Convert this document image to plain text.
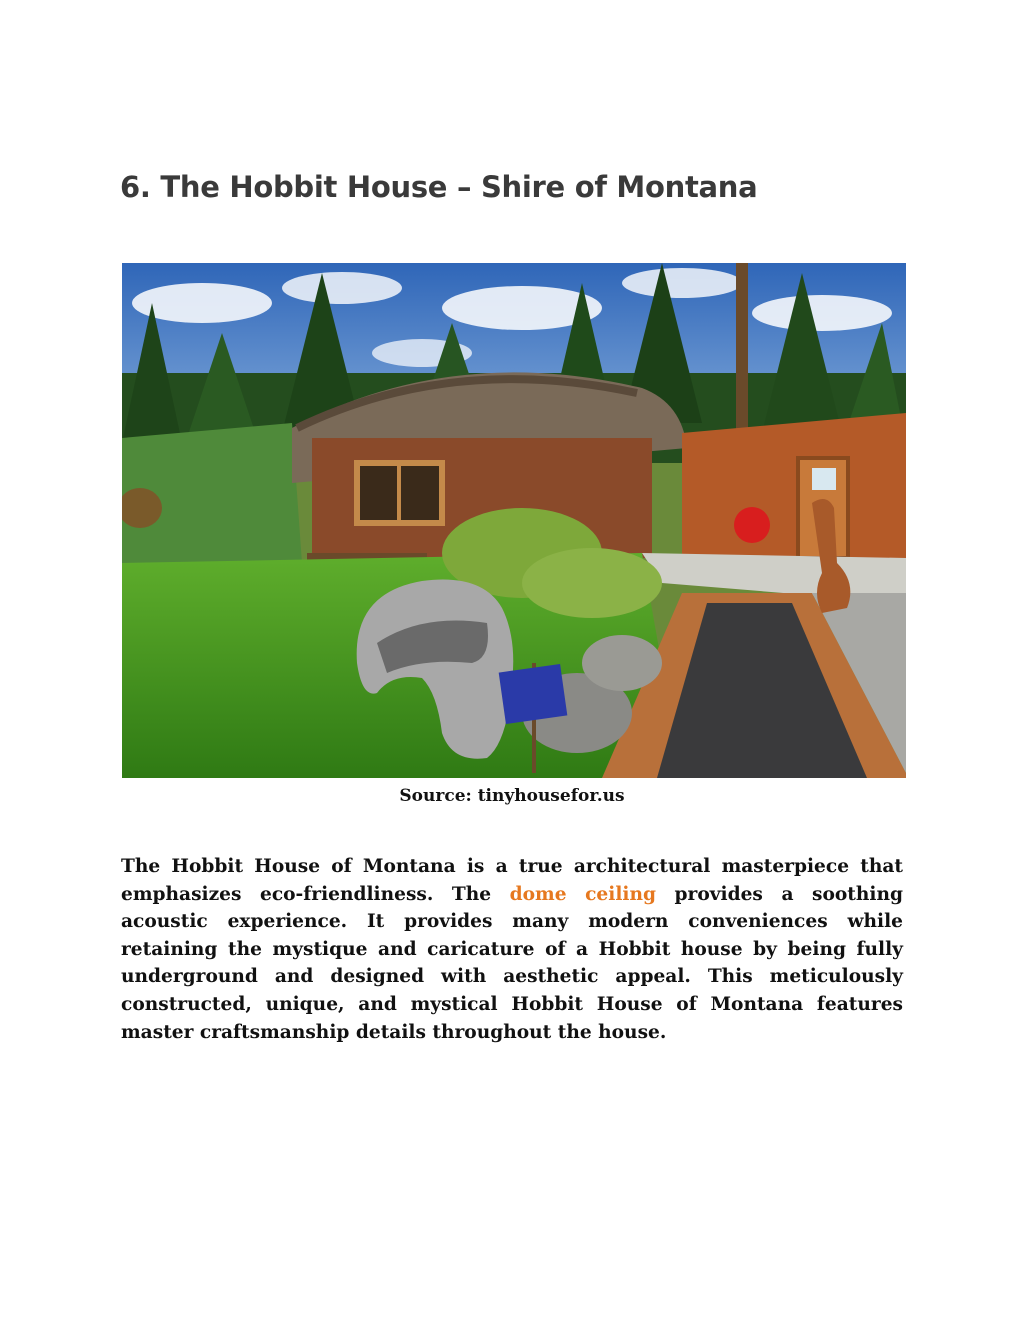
6. The Hobbit House – Shire of Montana
Source: tinyhousefor.us

The Hobbit House of Montana is a true architectural masterpiece that emphasizes eco-friendliness. The dome ceiling provides a soothing acoustic experience. It provides many modern conveniences while retaining the mystique and caricature of a Hobbit house by being fully underground and designed with aesthetic appeal. This meticulously constructed, unique, and mystical Hobbit House of Montana features master craftsmanship details throughout the house.
